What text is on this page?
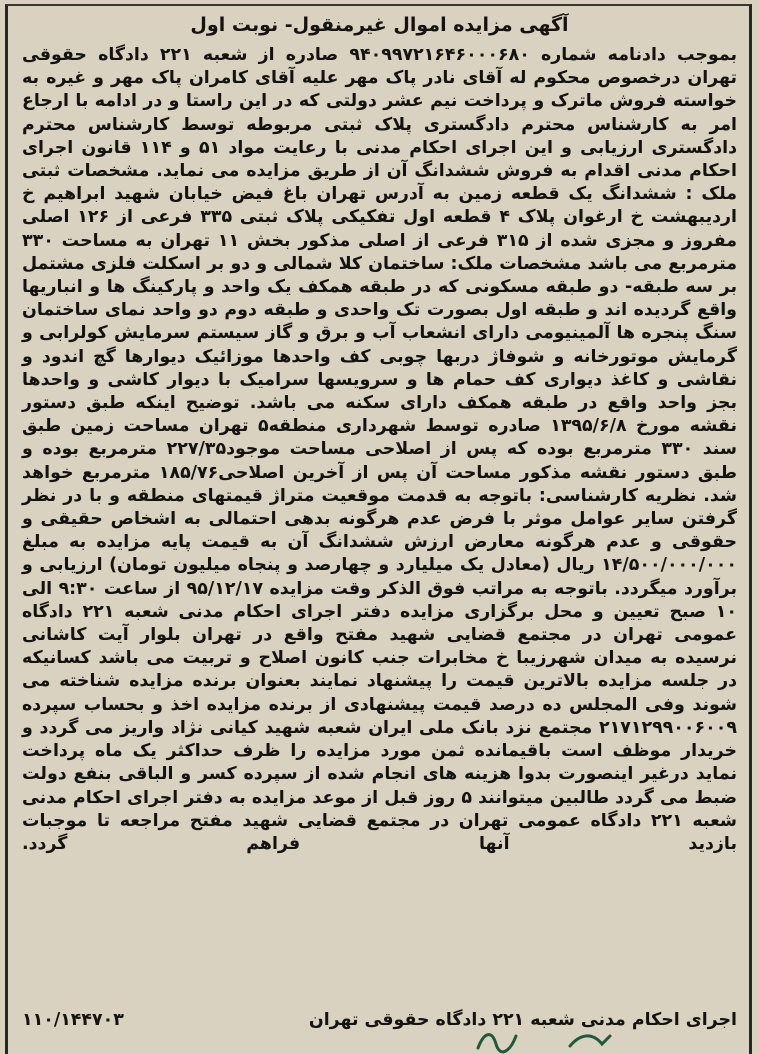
آگهی مزایده اموال غیرمنقول- نوبت اول

بموجب دادنامه شماره ۹۴۰۹۹۷۲۱۶۴۶۰۰۰۶۸۰ صادره از شعبه ۲۲۱ دادگاه حقوقی تهران درخصوص محکوم له آقای نادر پاک مهر علیه آقای کامران پاک مهر و غیره به خواسته فروش ماترک و پرداخت نیم عشر دولتی که در این راستا و در ادامه با ارجاع امر به کارشناس محترم دادگستری پلاک ثبتی مربوطه توسط کارشناس محترم دادگستری ارزیابی و این اجرای احکام مدنی با رعایت مواد ۵۱ و ۱۱۴ قانون اجرای احکام مدنی اقدام به فروش ششدانگ آن از طریق مزایده می نماید. مشخصات ثبتی ملک : ششدانگ یک قطعه زمین به آدرس تهران باغ فیض خیابان شهید ابراهیم خ اردیبهشت خ ارغوان پلاک ۴ قطعه اول تفکیکی پلاک ثبتی ۳۳۵ فرعی از ۱۲۶ اصلی مفروز و مجزی شده از ۳۱۵ فرعی از اصلی مذکور بخش ۱۱ تهران به مساحت ۳۳۰ مترمربع می باشد مشخصات ملک: ساختمان کلا شمالی و دو بر اسکلت فلزی مشتمل بر سه طبقه- دو طبقه مسکونی که در طبقه همکف یک واحد و پارکینگ ها و انباریها واقع گردیده اند و طبقه اول بصورت تک واحدی و طبقه دوم دو واحد نمای ساختمان سنگ پنجره ها آلمینیومی دارای انشعاب آب و برق و گاز سیستم سرمایش کولرابی و گرمایش موتورخانه و شوفاژ دربها چوبی کف واحدها موزائیک دیوارها گچ اندود و نقاشی و کاغذ دیواری کف حمام ها و سرویسها سرامیک با دیوار کاشی و واحدها بجز واحد واقع در طبقه همکف دارای سکنه می باشد. توضیح اینکه طبق دستور نقشه مورخ ۱۳۹۵/۶/۸ صادره توسط شهرداری منطقه۵ تهران مساحت زمین طبق سند ۳۳۰ مترمربع بوده که پس از اصلاحی مساحت موجود۲۲۷/۳۵ مترمربع بوده و طبق دستور نقشه مذکور مساحت آن پس از آخرین اصلاحی۱۸۵/۷۶ مترمربع خواهد شد. نظریه کارشناسی: باتوجه به قدمت موقعیت متراژ قیمتهای منطقه و با در نظر گرفتن سایر عوامل موثر با فرض عدم هرگونه بدهی احتمالی به اشخاص حقیقی و حقوقی و عدم هرگونه معارض ارزش ششدانگ آن به قیمت پایه مزایده به مبلغ ۱۴/۵۰۰/۰۰۰/۰۰۰ ریال (معادل یک میلیارد و چهارصد و پنجاه میلیون تومان) ارزیابی و برآورد میگردد. باتوجه به مراتب فوق الذکر وقت مزایده ۹۵/۱۲/۱۷ از ساعت ۹:۳۰ الی ۱۰ صبح تعیین و محل برگزاری مزایده دفتر اجرای احکام مدنی شعبه ۲۲۱ دادگاه عمومی تهران در مجتمع قضایی شهید مفتح واقع در تهران بلوار آیت کاشانی نرسیده به میدان شهرزیبا خ مخابرات جنب کانون اصلاح و تربیت می باشد کسانیکه در جلسه مزایده بالاترین قیمت را پیشنهاد نمایند بعنوان برنده مزایده شناخته می شوند وفی المجلس ده درصد قیمت پیشنهادی از برنده مزایده اخذ و بحساب سپرده ۲۱۷۱۲۹۹۰۰۶۰۰۹ مجتمع نزد بانک ملی ایران شعبه شهید کیانی نژاد واریز می گردد و خریدار موظف است باقیمانده ثمن مورد مزایده را ظرف حداکثر یک ماه پرداخت نماید درغیر اینصورت بدوا هزینه های انجام شده از سپرده کسر و الباقی بنفع دولت ضبط می گردد طالبین میتوانند ۵ روز قبل از موعد مزایده به دفتر اجرای احکام مدنی شعبه ۲۲۱ دادگاه عمومی تهران در مجتمع قضایی شهید مفتح مراجعه تا موجبات بازدید آنها فراهم گردد.

اجرای احکام مدنی شعبه ۲۲۱ دادگاه حقوقی تهران
۱۱۰/۱۴۴۷۰۳
